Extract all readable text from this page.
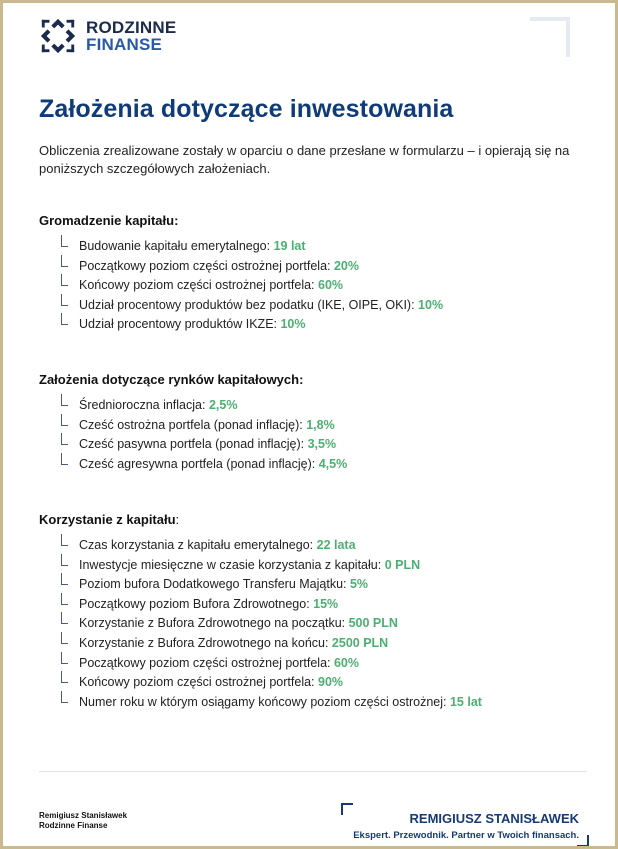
RODZINNE
FINANSE
Założenia dotyczące inwestowania
Obliczenia zrealizowane zostały w oparciu o dane przesłane w formularzu – i opierają się na poniższych szczegółowych założeniach.
Gromadzenie kapitału:
Budowanie kapitału emerytalnego: 19 lat
Początkowy poziom części ostrożnej portfela: 20%
Końcowy poziom części ostrożnej portfela: 60%
Udział procentowy produktów bez podatku (IKE, OIPE, OKI): 10%
Udział procentowy produktów IKZE: 10%
Założenia dotyczące rynków kapitałowych:
Średnioroczna inflacja: 2,5%
Cześć ostrożna portfela (ponad inflację): 1,8%
Cześć pasywna portfela (ponad inflację): 3,5%
Cześć agresywna portfela (ponad inflację): 4,5%
Korzystanie z kapitału:
Czas korzystania z kapitału emerytalnego: 22 lata
Inwestycje miesięczne w czasie korzystania z kapitału: 0 PLN
Poziom bufora Dodatkowego Transferu Majątku: 5%
Początkowy poziom Bufora Zdrowotnego: 15%
Korzystanie z Bufora Zdrowotnego na początku: 500 PLN
Korzystanie z Bufora Zdrowotnego na końcu: 2500 PLN
Początkowy poziom części ostrożnej portfela: 60%
Końcowy poziom części ostrożnej portfela: 90%
Numer roku w którym osiągamy końcowy poziom części ostrożnej: 15 lat
Remigiusz Stanisławek
Rodzinne Finanse	REMIGIUSZ STANISŁAWEK
Ekspert. Przewodnik. Partner w Twoich finansach.
